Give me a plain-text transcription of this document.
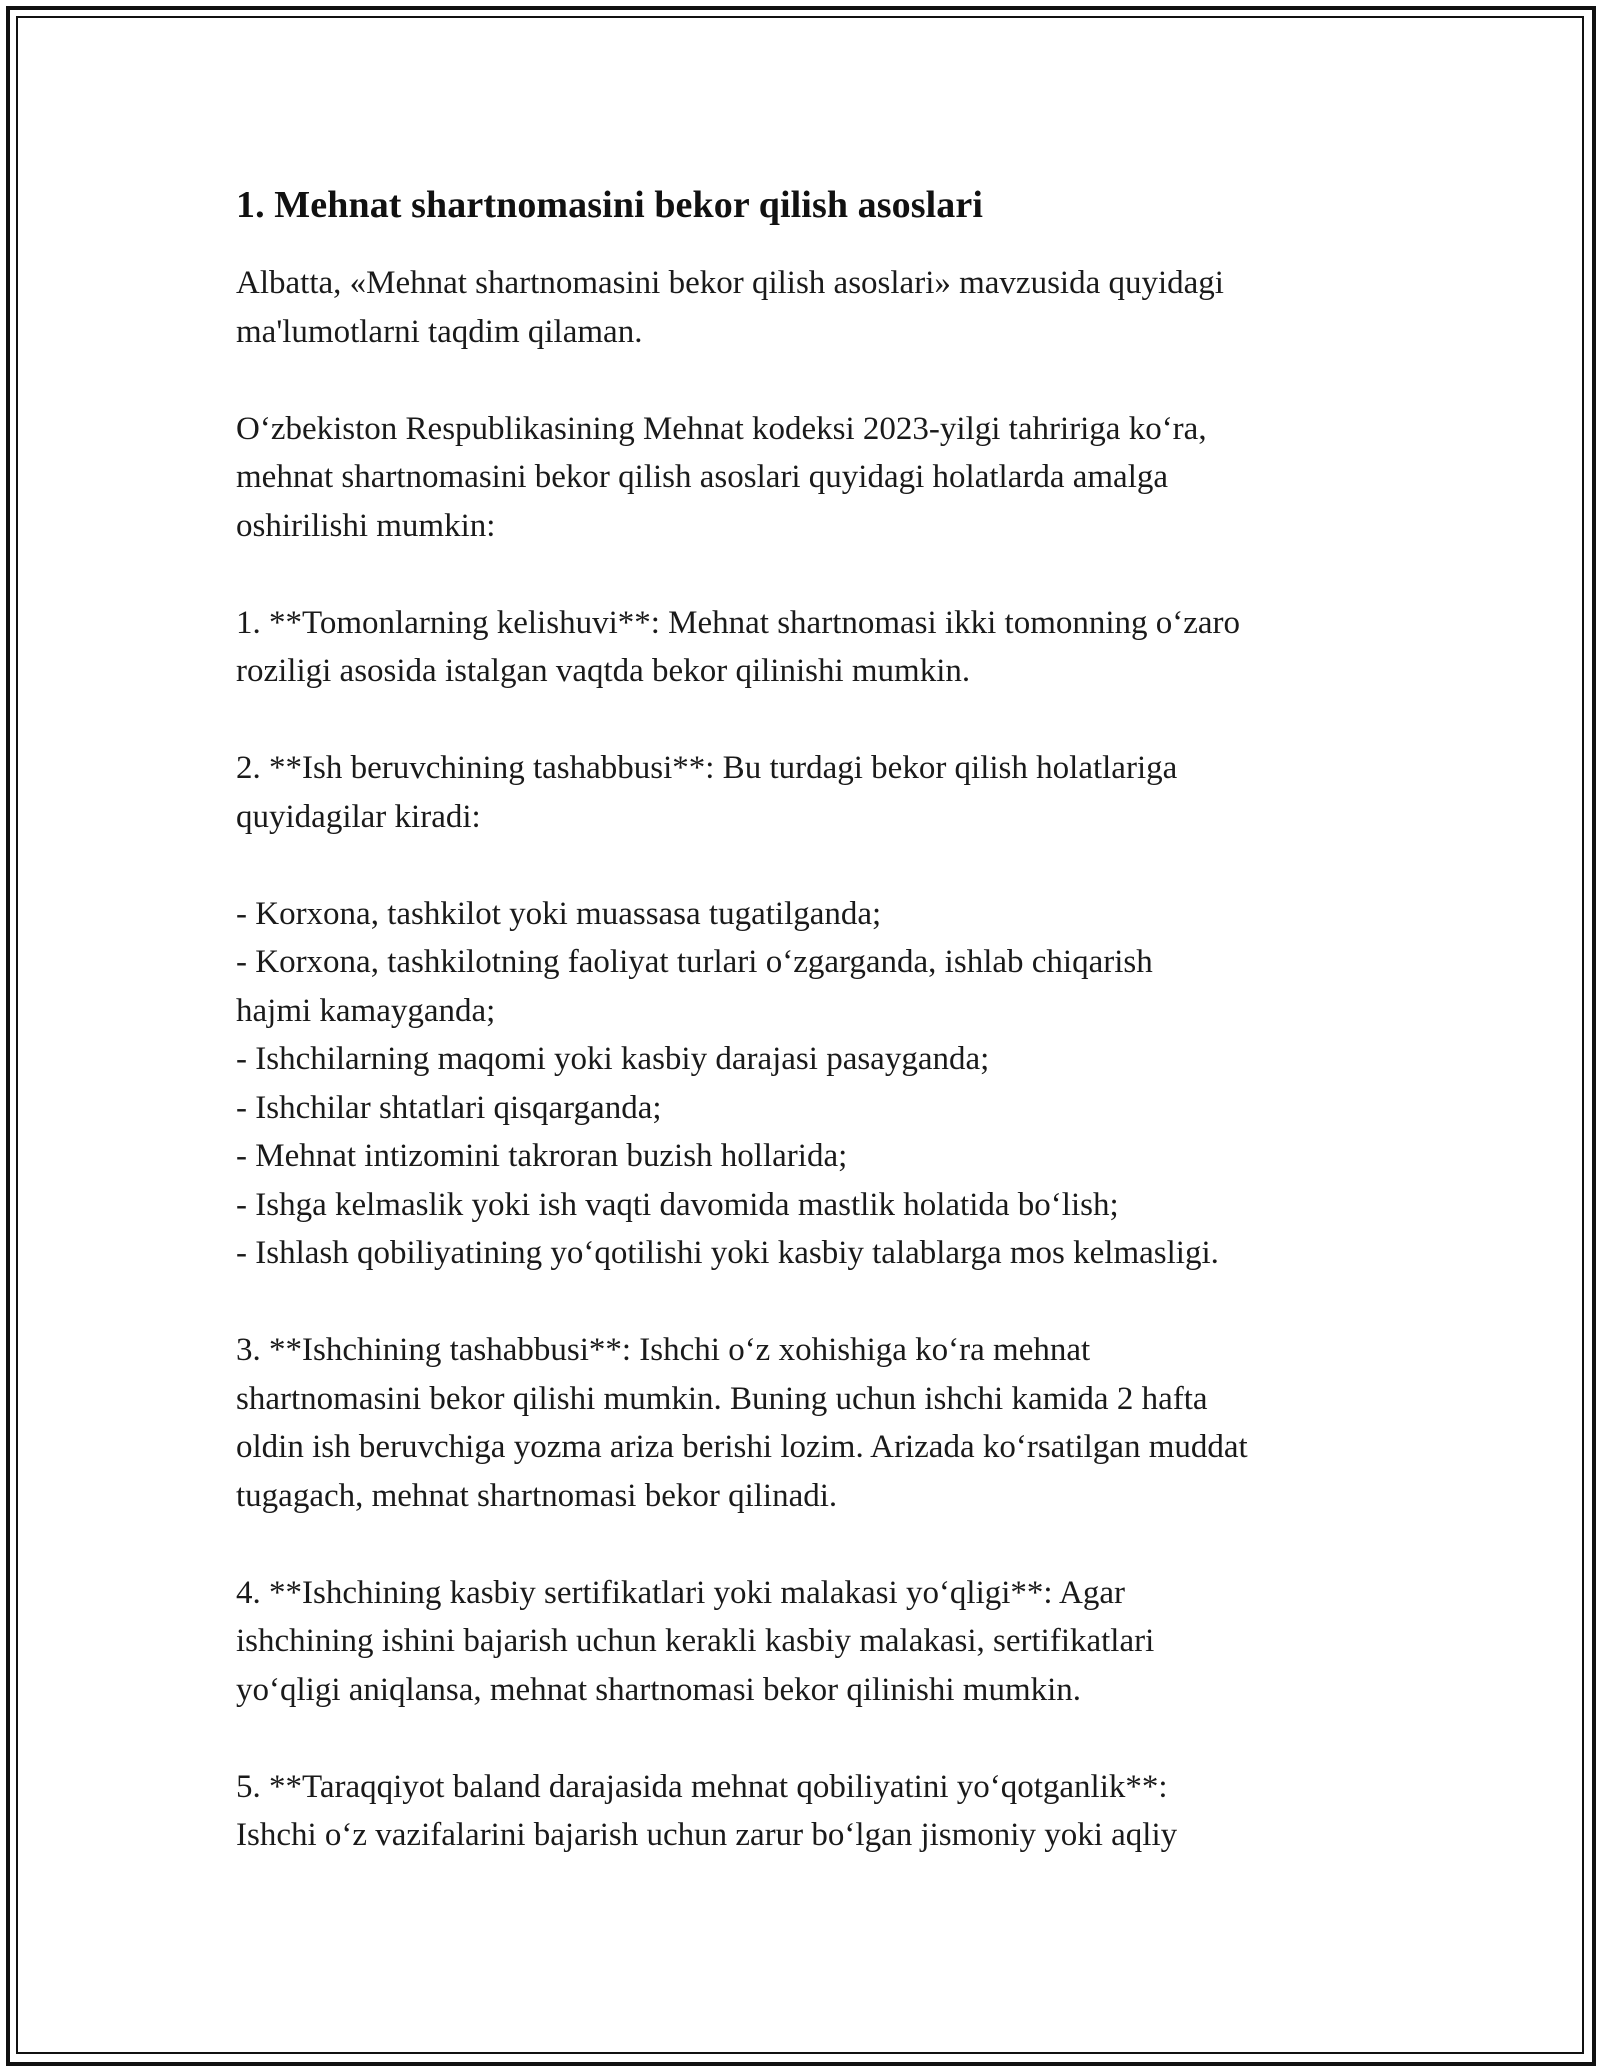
1. Mehnat shartnomasini bekor qilish asoslari

Albatta, «Mehnat shartnomasini bekor qilish asoslari» mavzusida quyidagi
ma'lumotlarni taqdim qilaman.

O‘zbekiston Respublikasining Mehnat kodeksi 2023-yilgi tahririga ko‘ra,
mehnat shartnomasini bekor qilish asoslari quyidagi holatlarda amalga
oshirilishi mumkin:

1. **Tomonlarning kelishuvi**: Mehnat shartnomasi ikki tomonning o‘zaro
roziligi asosida istalgan vaqtda bekor qilinishi mumkin.

2. **Ish beruvchining tashabbusi**: Bu turdagi bekor qilish holatlariga
quyidagilar kiradi:

- Korxona, tashkilot yoki muassasa tugatilganda;
- Korxona, tashkilotning faoliyat turlari o‘zgarganda, ishlab chiqarish
hajmi kamayganda;
- Ishchilarning maqomi yoki kasbiy darajasi pasayganda;
- Ishchilar shtatlari qisqarganda;
- Mehnat intizomini takroran buzish hollarida;
- Ishga kelmaslik yoki ish vaqti davomida mastlik holatida bo‘lish;
- Ishlash qobiliyatining yo‘qotilishi yoki kasbiy talablarga mos kelmasligi.

3. **Ishchining tashabbusi**: Ishchi o‘z xohishiga ko‘ra mehnat
shartnomasini bekor qilishi mumkin. Buning uchun ishchi kamida 2 hafta
oldin ish beruvchiga yozma ariza berishi lozim. Arizada ko‘rsatilgan muddat
tugagach, mehnat shartnomasi bekor qilinadi.

4. **Ishchining kasbiy sertifikatlari yoki malakasi yo‘qligi**: Agar
ishchining ishini bajarish uchun kerakli kasbiy malakasi, sertifikatlari
yo‘qligi aniqlansa, mehnat shartnomasi bekor qilinishi mumkin.

5. **Taraqqiyot baland darajasida mehnat qobiliyatini yo‘qotganlik**:
Ishchi o‘z vazifalarini bajarish uchun zarur bo‘lgan jismoniy yoki aqliy
